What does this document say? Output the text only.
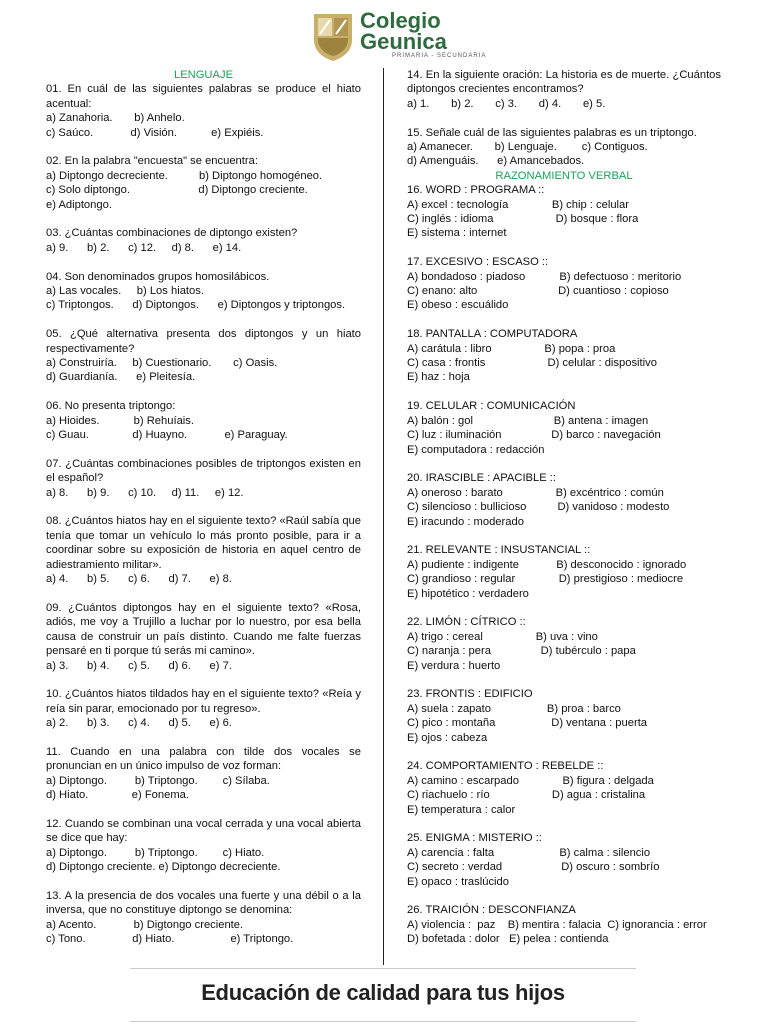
Colegio
Geunica
PRIMARIA - SECUNDARIA
LENGUAJE
01. En cuál de las siguientes palabras se produce el hiato acentual:
a) Zanahoria.       b) Anhelo.
c) Saúco.            d) Visión.           e) Expiéis.
02. En la palabra "encuesta" se encuentra:
a) Diptongo decreciente.          b) Diptongo homogéneo.
c) Solo diptongo.                      d) Diptongo creciente.
e) Adiptongo.
03. ¿Cuántas combinaciones de diptongo existen?
a) 9.      b) 2.      c) 12.     d) 8.      e) 14.
04. Son denominados grupos homosilábicos.
a) Las vocales.     b) Los hiatos.
c) Triptongos.      d) Diptongos.      e) Diptongos y triptongos.
05. ¿Qué alternativa presenta dos diptongos y un hiato respectivamente?
a) Construiría.     b) Cuestionario.       c) Oasis.
d) Guardianía.      e) Pleitesía.
06. No presenta triptongo:
a) Hioides.           b) Rehuíais.
c) Guau.              d) Huayno.            e) Paraguay.
07. ¿Cuántas combinaciones posibles de triptongos existen en el español?
a) 8.      b) 9.      c) 10.     d) 11.     e) 12.
08. ¿Cuántos hiatos hay en el siguiente texto? «Raúl sabía que tenía que tomar un vehículo lo más pronto posible, para ir a coordinar sobre su exposición de historia en aquel centro de adiestramiento militar».
a) 4.      b) 5.      c) 6.      d) 7.      e) 8.
09. ¿Cuántos diptongos hay en el siguiente texto? «Rosa, adiós, me voy a Trujillo a luchar por lo nuestro, por esa bella causa de construir un país distinto. Cuando me falte fuerzas pensaré en ti porque tú serás mi camino».
a) 3.      b) 4.      c) 5.      d) 6.      e) 7.
10. ¿Cuántos hiatos tildados hay en el siguiente texto? «Reía y reía sin parar, emocionado por tu regreso».
a) 2.      b) 3.      c) 4.      d) 5.      e) 6.
11. Cuando en una palabra con tilde dos vocales se pronuncian en un único impulso de voz forman:
a) Diptongo.         b) Triptongo.        c) Sílaba.
d) Hiato.              e) Fonema.
12. Cuando se combinan una vocal cerrada y una vocal abierta se dice que hay:
a) Diptongo.         b) Triptongo.        c) Hiato.
d) Diptongo creciente. e) Diptongo decreciente.
13. A la presencia de dos vocales una fuerte y una débil o a la inversa, que no constituye diptongo se denomina:
a) Acento.            b) Digtongo creciente.
c) Tono.               d) Hiato.                  e) Triptongo.
14. En la siguiente oración: La historia es de muerte. ¿Cuántos diptongos crecientes encontramos?
a) 1.       b) 2.       c) 3.       d) 4.       e) 5.
15. Señale cuál de las siguientes palabras es un triptongo.
a) Amanecer.       b) Lenguaje.        c) Contiguos.
d) Amenguáis.      e) Amancebados.
RAZONAMIENTO VERBAL
16. WORD : PROGRAMA ::
A) excel : tecnología              B) chip : celular
C) inglés : idioma                    D) bosque : flora
E) sistema : internet
17. EXCESIVO : ESCASO ::
A) bondadoso : piadoso           B) defectuoso : meritorio
C) enano: alto                          D) cuantioso : copioso
E) obeso : escuálido
18. PANTALLA : COMPUTADORA
A) carátula : libro                 B) popa : proa
C) casa : frontis                    D) celular : dispositivo
E) haz : hoja
19. CELULAR : COMUNICACIÓN
A) balón : gol                          B) antena : imagen
C) luz : iluminación                D) barco : navegación
E) computadora : redacción
20. IRASCIBLE : APACIBLE ::
A) oneroso : barato                 B) excéntrico : común
C) silencioso : bullicioso          D) vanidoso : modesto
E) iracundo : moderado
21. RELEVANTE : INSUSTANCIAL ::
A) pudiente : indigente            B) desconocido : ignorado
C) grandioso : regular              D) prestigioso : mediocre
E) hipotético : verdadero
22. LIMÓN : CÍTRICO ::
A) trigo : cereal                 B) uva : vino
C) naranja : pera                D) tubérculo : papa
E) verdura : huerto
23. FRONTIS : EDIFICIO
A) suela : zapato                  B) proa : barco
C) pico : montaña                  D) ventana : puerta
E) ojos : cabeza
24. COMPORTAMIENTO : REBELDE ::
A) camino : escarpado              B) figura : delgada
C) riachuelo : río                    D) agua : cristalina
E) temperatura : calor
25. ENIGMA : MISTERIO ::
A) carencia : falta                     B) calma : silencio
C) secreto : verdad                   D) oscuro : sombrío
E) opaco : traslúcido
26. TRAICIÓN : DESCONFIANZA
A) violencia :  paz    B) mentira : falacia  C) ignorancia : error
D) bofetada : dolor   E) pelea : contienda
Educación de calidad para tus hijos
